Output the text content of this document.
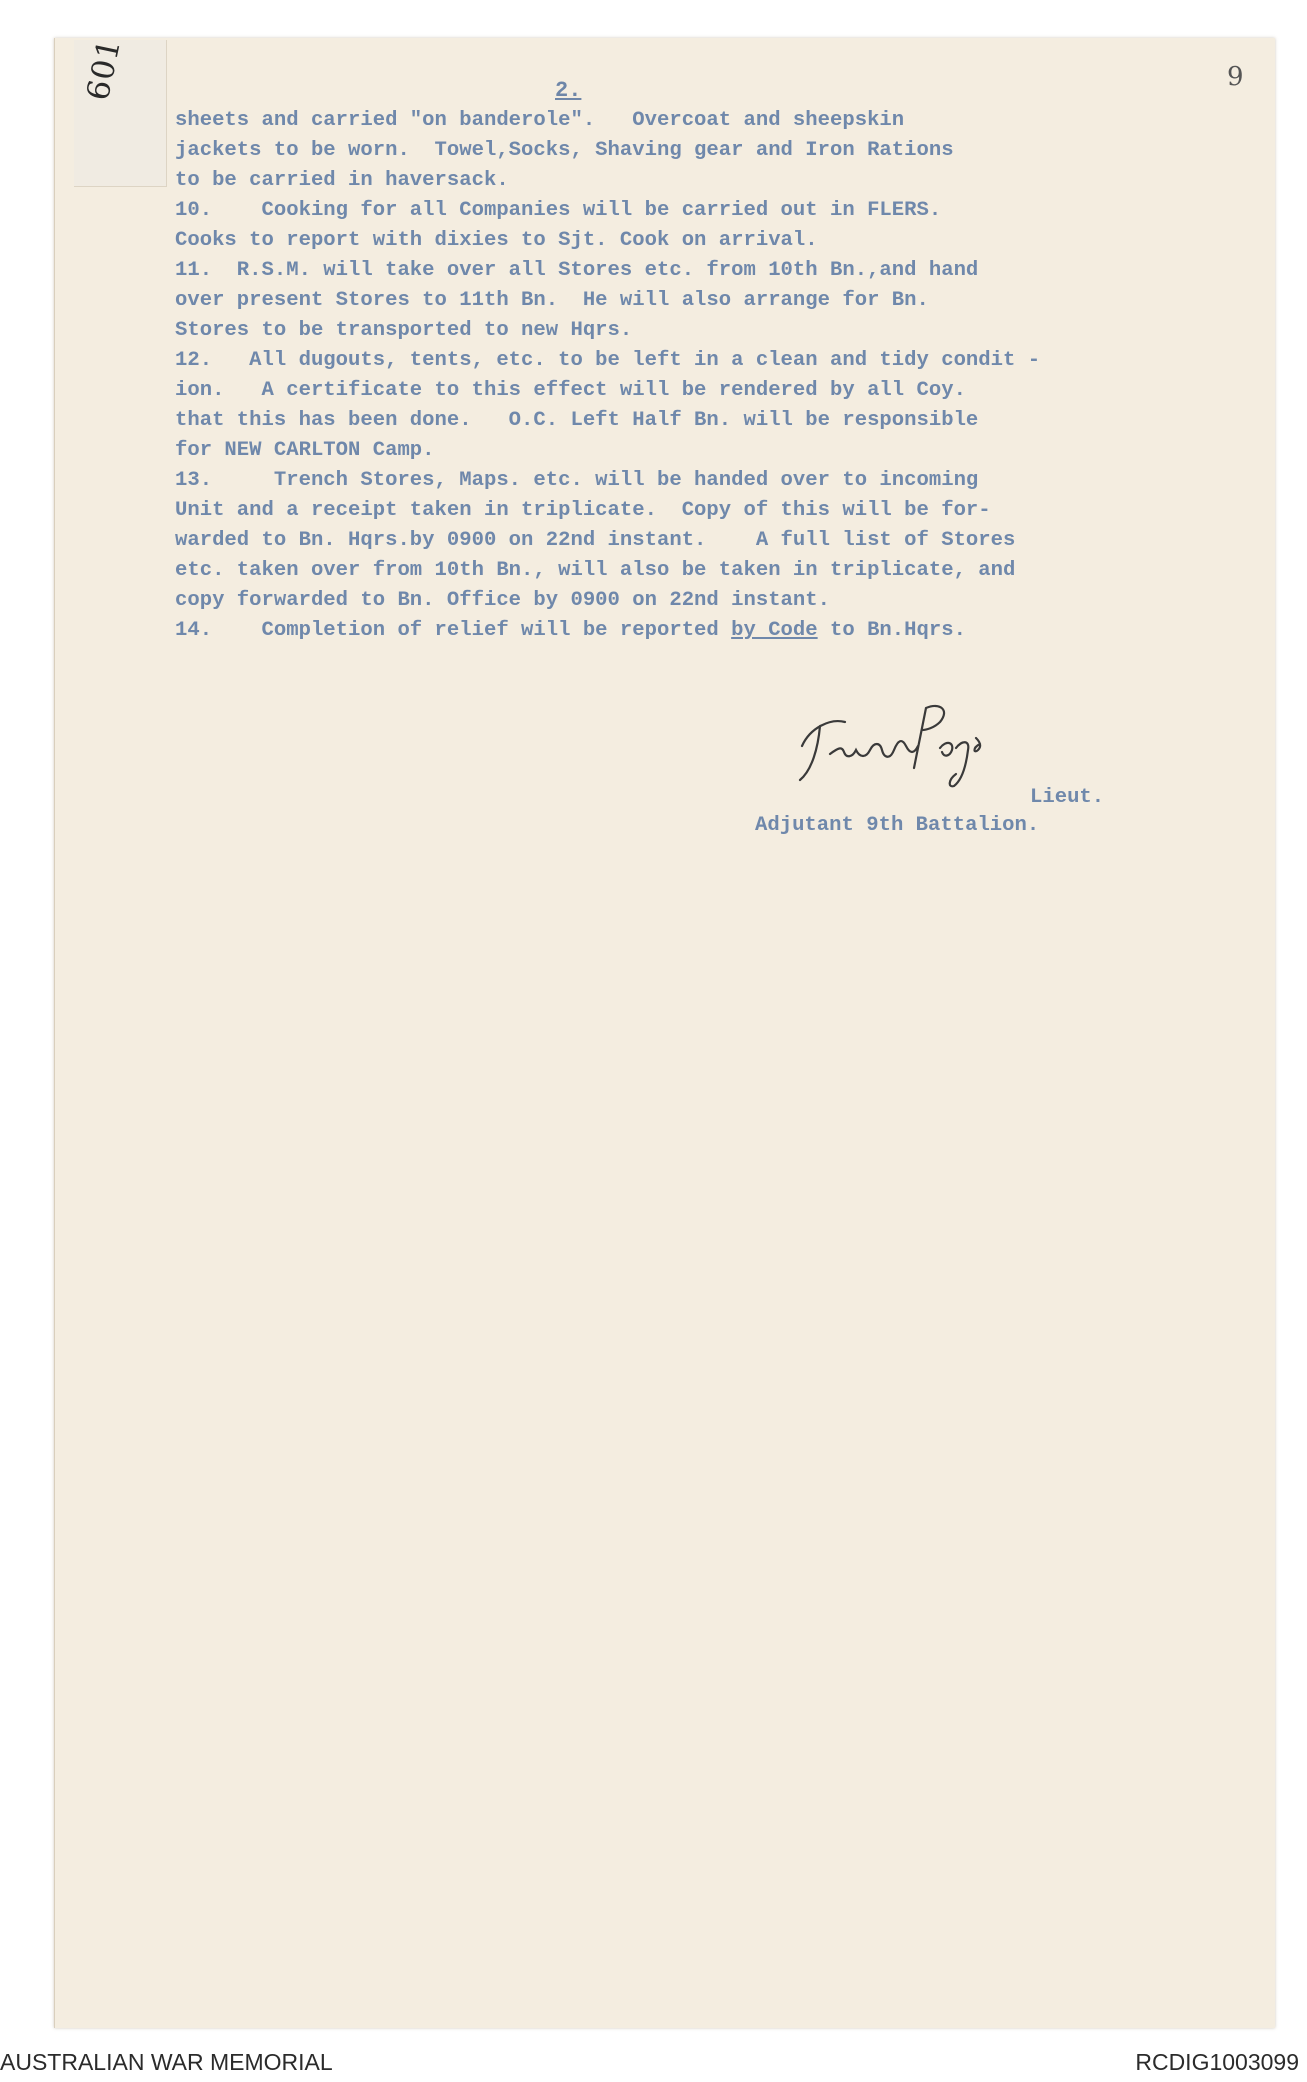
601	9
2.
sheets and carried "on banderole".   Overcoat and sheepskin
jackets to be worn.  Towel,Socks, Shaving gear and Iron Rations
to be carried in haversack.
10.    Cooking for all Companies will be carried out in FLERS.
Cooks to report with dixies to Sjt. Cook on arrival.
11.  R.S.M. will take over all Stores etc. from 10th Bn.,and hand
over present Stores to 11th Bn.  He will also arrange for Bn.
Stores to be transported to new Hqrs.
12.   All dugouts, tents, etc. to be left in a clean and tidy condit -
ion.   A certificate to this effect will be rendered by all Coy.
that this has been done.   O.C. Left Half Bn. will be responsible
for NEW CARLTON Camp.
13.     Trench Stores, Maps. etc. will be handed over to incoming
Unit and a receipt taken in triplicate.  Copy of this will be for-
warded to Bn. Hqrs.by 0900 on 22nd instant.    A full list of Stores
etc. taken over from 10th Bn., will also be taken in triplicate, and
copy forwarded to Bn. Office by 0900 on 22nd instant.
14.    Completion of relief will be reported by Code to Bn.Hqrs.
Lieut.
Adjutant 9th Battalion.
AUSTRALIAN WAR MEMORIAL	RCDIG1003099
